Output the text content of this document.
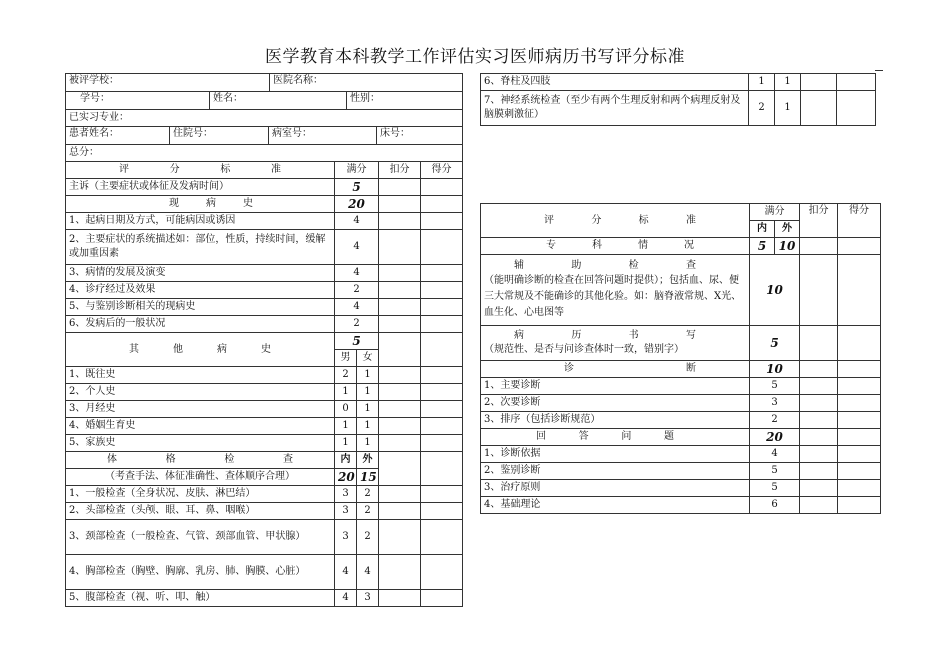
医学教育本科教学工作评估实习医师病历书写评分标准
被评学校： 医院名称：				

学号： 姓名： 性别：				

已实习专业：				

患者姓名： 住院号： 病室号： 床号：				

总分：				

评 分 标 准	满分		扣分	得分
主诉（主要症状或体征及发病时间）	5			

现 病 史	20			
1、起病日期及方式，可能病因或诱因	4			
2、主要症状的系统描述如：部位，性质，持续时间，缓解或加重因素	4			
3、病情的发展及演变	4			
4、诊疗经过及效果	2			
5、与鉴别诊断相关的现病史	4			
6、发病后的一般状况	2			

其 他 病 史	5			
	男	女		
1、既往史	2	1		
2、个人史	1	1		
3、月经史	0	1		
4、婚姻生育史	1	1		
5、家族史	1	1		

体 格 检 查	内	外		
（考查手法、体征准确性、查体顺序合理）	20	15		
1、一般检查（全身状况、皮肤、淋巴结）	3	2		
2、头部检查（头颅、眼、耳、鼻、咽喉）	3	2		
3、颈部检查（一般检查、气管、颈部血管、甲状腺）	3	2		
4、胸部检查（胸壁、胸廓、乳房、肺、胸膜、心脏）	4	4		
5、腹部检查（视、听、叩、触）	4	3		
6、脊柱及四肢	1	1		
7、神经系统检查（至少有两个生理反射和两个病理反射及脑膜刺激征）	2	1		
评 分 标 准	满分		扣分	得分
	内	外		

专 科 情 况	5	10		

辅 助 检 查
（能明确诊断的检查在回答问题时提供）；包括血、尿、便三大常规及不能确诊的其他化验。如：脑脊液常规、X光、血生化、心电图等	10			

病 历 书 写
（规范性、是否与问诊查体时一致，错别字）	5			

诊 断	10			
1、主要诊断	5			
2、次要诊断	3			
3、排序（包括诊断规范）	2			

回 答 问 题	20			
1、诊断依据	4			
2、鉴别诊断	5			
3、治疗原则	5			
4、基础理论	6			
